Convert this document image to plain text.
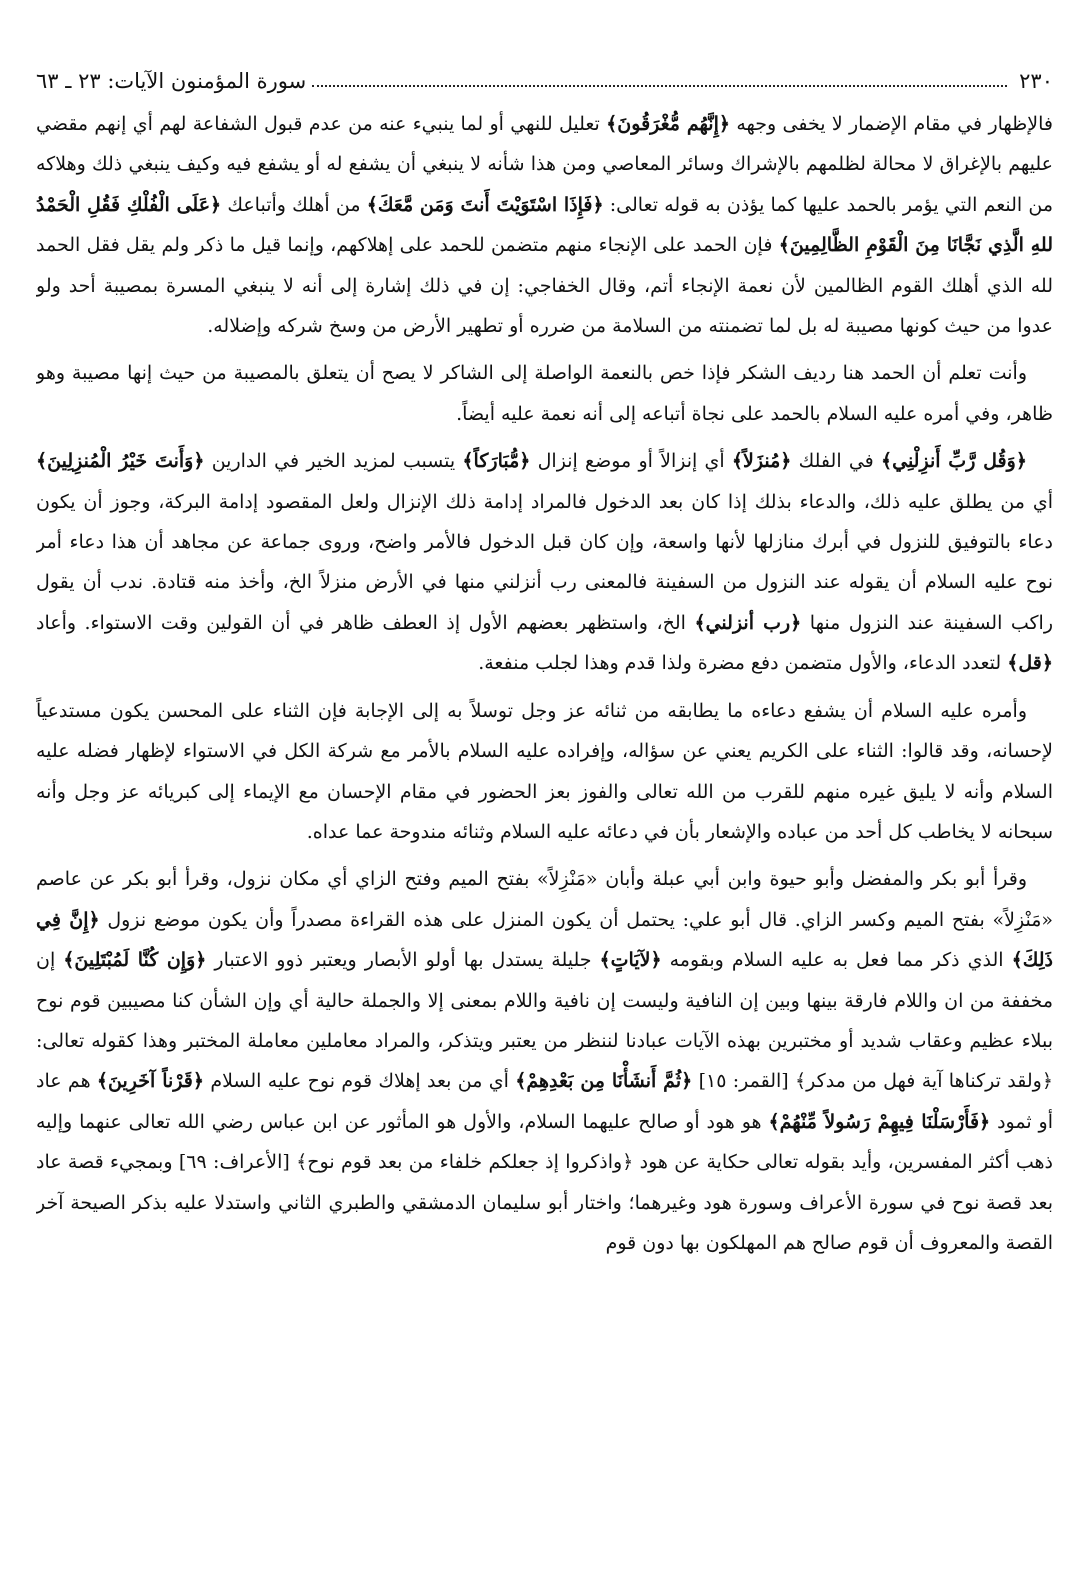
٢٣٠
سورة المؤمنون الآيات: ٢٣ ـ ٦٣

فالإظهار في مقام الإضمار لا يخفى وجهه ﴿إِنَّهُم مُّغْرَقُونَ﴾ تعليل للنهي أو لما ينبيء عنه من عدم قبول الشفاعة لهم أي إنهم مقضي عليهم بالإغراق لا محالة لظلمهم بالإشراك وسائر المعاصي ومن هذا شأنه لا ينبغي أن يشفع له أو يشفع فيه وكيف ينبغي ذلك وهلاكه من النعم التي يؤمر بالحمد عليها كما يؤذن به قوله تعالى: ﴿فَإِذَا اسْتَوَيْتَ أَنتَ وَمَن مَّعَكَ﴾ من أهلك وأتباعك ﴿عَلَى الْفُلْكِ فَقُلِ الْحَمْدُ للهِ الَّذِي نَجَّانَا مِنَ الْقَوْمِ الظَّالِمِينَ﴾ فإن الحمد على الإنجاء منهم متضمن للحمد على إهلاكهم، وإنما قيل ما ذكر ولم يقل فقل الحمد لله الذي أهلك القوم الظالمين لأن نعمة الإنجاء أتم، وقال الخفاجي: إن في ذلك إشارة إلى أنه لا ينبغي المسرة بمصيبة أحد ولو عدوا من حيث كونها مصيبة له بل لما تضمنته من السلامة من ضرره أو تطهير الأرض من وسخ شركه وإضلاله.

وأنت تعلم أن الحمد هنا رديف الشكر فإذا خص بالنعمة الواصلة إلى الشاكر لا يصح أن يتعلق بالمصيبة من حيث إنها مصيبة وهو ظاهر، وفي أمره عليه السلام بالحمد على نجاة أتباعه إلى أنه نعمة عليه أيضاً.

﴿وَقُل رَّبِّ أَنزِلْنِي﴾ في الفلك ﴿مُنزَلاً﴾ أي إنزالاً أو موضع إنزال ﴿مُّبَارَكاً﴾ يتسبب لمزيد الخير في الدارين ﴿وَأَنتَ خَيْرُ الْمُنزِلِينَ﴾ أي من يطلق عليه ذلك، والدعاء بذلك إذا كان بعد الدخول فالمراد إدامة ذلك الإنزال ولعل المقصود إدامة البركة، وجوز أن يكون دعاء بالتوفيق للنزول في أبرك منازلها لأنها واسعة، وإن كان قبل الدخول فالأمر واضح، وروى جماعة عن مجاهد أن هذا دعاء أمر نوح عليه السلام أن يقوله عند النزول من السفينة فالمعنى رب أنزلني منها في الأرض منزلاً الخ، وأخذ منه قتادة. ندب أن يقول راكب السفينة عند النزول منها ﴿رب أنزلني﴾ الخ، واستظهر بعضهم الأول إذ العطف ظاهر في أن القولين وقت الاستواء. وأعاد ﴿قل﴾ لتعدد الدعاء، والأول متضمن دفع مضرة ولذا قدم وهذا لجلب منفعة.

وأمره عليه السلام أن يشفع دعاءه ما يطابقه من ثنائه عز وجل توسلاً به إلى الإجابة فإن الثناء على المحسن يكون مستدعياً لإحسانه، وقد قالوا: الثناء على الكريم يعني عن سؤاله، وإفراده عليه السلام بالأمر مع شركة الكل في الاستواء لإظهار فضله عليه السلام وأنه لا يليق غيره منهم للقرب من الله تعالى والفوز بعز الحضور في مقام الإحسان مع الإيماء إلى كبريائه عز وجل وأنه سبحانه لا يخاطب كل أحد من عباده والإشعار بأن في دعائه عليه السلام وثنائه مندوحة عما عداه.

وقرأ أبو بكر والمفضل وأبو حيوة وابن أبي عبلة وأبان «مَنْزِلاً» بفتح الميم وفتح الزاي أي مكان نزول، وقرأ أبو بكر عن عاصم «مَنْزِلاً» بفتح الميم وكسر الزاي. قال أبو علي: يحتمل أن يكون المنزل على هذه القراءة مصدراً وأن يكون موضع نزول ﴿إِنَّ فِي ذَلِكَ﴾ الذي ذكر مما فعل به عليه السلام وبقومه ﴿لآيَاتٍ﴾ جليلة يستدل بها أولو الأبصار ويعتبر ذوو الاعتبار ﴿وَإِن كُنَّا لَمُبْتَلِينَ﴾ إن مخففة من ان واللام فارقة بينها وبين إن النافية وليست إن نافية واللام بمعنى إلا والجملة حالية أي وإن الشأن كنا مصيبين قوم نوح ببلاء عظيم وعقاب شديد أو مختبرين بهذه الآيات عبادنا لننظر من يعتبر ويتذكر، والمراد معاملين معاملة المختبر وهذا كقوله تعالى: ﴿ولقد تركناها آية فهل من مدكر﴾ [القمر: ١٥] ﴿ثُمَّ أَنشَأْنَا مِن بَعْدِهِمْ﴾ أي من بعد إهلاك قوم نوح عليه السلام ﴿قَرْناً آخَرِينَ﴾ هم عاد أو ثمود ﴿فَأَرْسَلْنَا فِيهِمْ رَسُولاً مِّنْهُمْ﴾ هو هود أو صالح عليهما السلام، والأول هو المأثور عن ابن عباس رضي الله تعالى عنهما وإليه ذهب أكثر المفسرين، وأيد بقوله تعالى حكاية عن هود ﴿واذكروا إذ جعلكم خلفاء من بعد قوم نوح﴾ [الأعراف: ٦٩] وبمجيء قصة عاد بعد قصة نوح في سورة الأعراف وسورة هود وغيرهما؛ واختار أبو سليمان الدمشقي والطبري الثاني واستدلا عليه بذكر الصيحة آخر القصة والمعروف أن قوم صالح هم المهلكون بها دون قوم
